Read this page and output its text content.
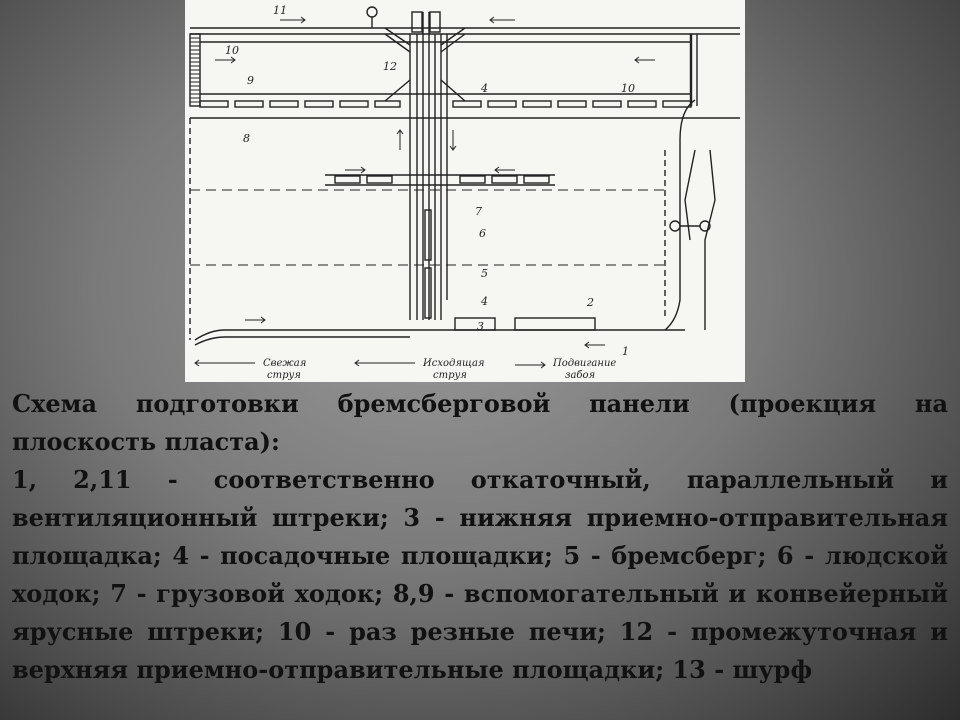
11
10
9
12
4	10
8
7
6
5
4	2
3
1
Свежая
струя
Исходящая
струя
Подвигание
забоя

Схема подготовки бремсберговой панели (проекция на плоскость пласта):

1, 2,11 - соответственно откаточный, параллельный и вентиляционный штреки; 3 - нижняя приемно-отправительная площадка; 4 - посадочные площадки; 5 - бремсберг; 6 - людской ходок; 7 - грузовой ходок; 8,9 - вспомогательный и конвейерный ярусные штреки; 10 - раз резные печи; 12 - промежуточная и верхняя приемно-отправительные площадки; 13 - шурф
